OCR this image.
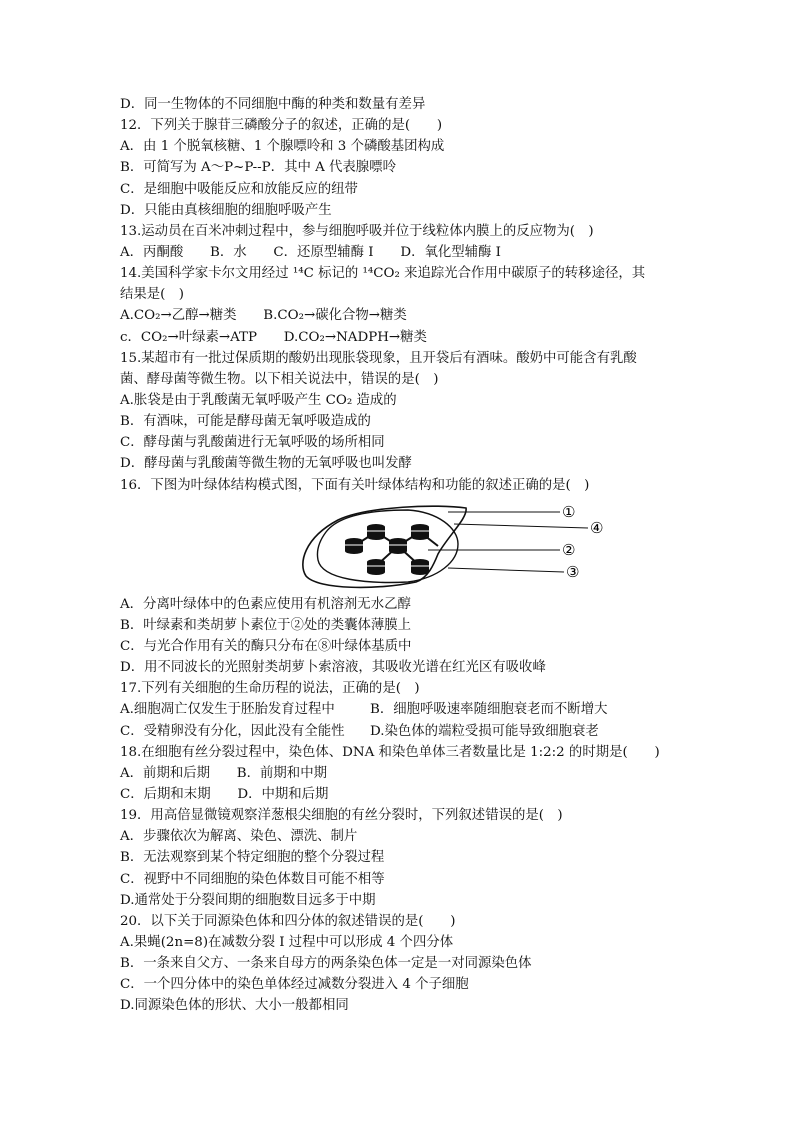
D．同一生物体的不同细胞中酶的种类和数量有差异
12．下列关于腺苷三磷酸分子的叙述，正确的是(　　)
A．由 1 个脱氧核糖、1 个腺嘌呤和 3 个磷酸基团构成
B．可简写为 A～P~P--P．其中 A 代表腺嘌呤
C．是细胞中吸能反应和放能反应的纽带
D．只能由真核细胞的细胞呼吸产生
13.运动员在百米冲刺过程中，参与细胞呼吸并位于线粒体内膜上的反应物为(　)
A．丙酮酸　　B．水　　C．还原型辅酶 I　　D．氧化型辅酶 I
14.美国科学家卡尔文用经过 ¹⁴C 标记的 ¹⁴CO₂ 来追踪光合作用中碳原子的转移途径，其
结果是(　)
A.CO₂→乙醇→糖类　　B.CO₂→碳化合物→糖类
c．CO₂→叶绿素→ATP　　D.CO₂→NADPH→糖类
15.某超市有一批过保质期的酸奶出现胀袋现象，且开袋后有酒味。酸奶中可能含有乳酸
菌、酵母菌等微生物。以下相关说法中，错误的是(　)
A.胀袋是由于乳酸菌无氧呼吸产生 CO₂ 造成的
B．有酒味，可能是酵母菌无氧呼吸造成的
C．酵母菌与乳酸菌进行无氧呼吸的场所相同
D．酵母菌与乳酸菌等微生物的无氧呼吸也叫发酵
16．下图为叶绿体结构模式图，下面有关叶绿体结构和功能的叙述正确的是(　)
①
④
②
③
A．分离叶绿体中的色素应使用有机溶剂无水乙醇
B．叶绿素和类胡萝卜素位于②处的类囊体薄膜上
C．与光合作用有关的酶只分布在⑧叶绿体基质中
D．用不同波长的光照射类胡萝卜索溶液，其吸收光谱在红光区有吸收峰
17.下列有关细胞的生命历程的说法，正确的是(　)
A.细胞凋亡仅发生于胚胎发育过程中	B．细胞呼吸速率随细胞衰老而不断增大
C．受精卵没有分化，因此没有全能性	D.染色体的端粒受损可能导致细胞衰老
18.在细胞有丝分裂过程中，染色体、DNA 和染色单体三者数量比是 1:2:2 的时期是(　　)
A．前期和后期　　B．前期和中期
C．后期和末期　　D．中期和后期
19．用高倍显微镜观察洋葱根尖细胞的有丝分裂时，下列叙述错误的是(　)
A．步骤依次为解离、染色、漂洗、制片
B．无法观察到某个特定细胞的整个分裂过程
C．视野中不同细胞的染色体数目可能不相等
D.通常处于分裂间期的细胞数目远多于中期
20．以下关于同源染色体和四分体的叙述错误的是(　　)
A.果蝇(2n=8)在减数分裂 I 过程中可以形成 4 个四分体
B．一条来自父方、一条来自母方的两条染色体一定是一对同源染色体
C．一个四分体中的染色单体经过减数分裂进入 4 个子细胞
D.同源染色体的形状、大小一般都相同
